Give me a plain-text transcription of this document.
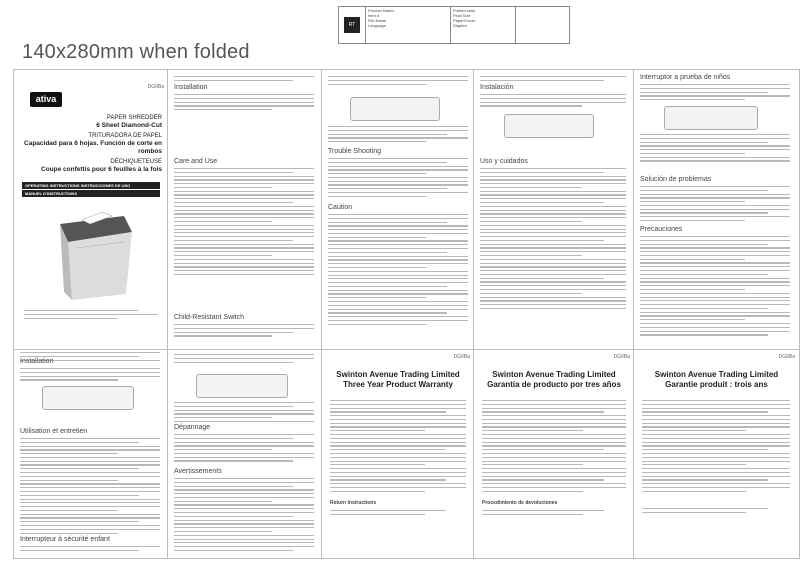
140x280mm when folded
RT
Product Name:
Item #
File Name
Language
Printed color
Final Size
Paper/Cover
Stapled
DG6Ba
ativa
PAPER SHREDDER
6 Sheet Diamond-Cut
TRITURADORA DE PAPEL
Capacidad para 6 hojas. Función de corte en rombos
DÉCHIQUETEUSE
Coupe confettis pour 6 feuilles à la fois
OPERATING INSTRUCTIONS INSTRUCCIONES DE USO
MANUEL D'INSTRUCTIONS
Installation
Care and Use
Child-Resistant Switch
Trouble Shooting
Caution
Instalación
Uso y cuidados
Interruptor a prueba de niños
Solución de problemas
Precauciones
Installation
Utilisation et entretien
Interrupteur à sécurité enfant
Dépannage
Avertissements
DG6Ba
Swinton Avenue Trading Limited
Three Year Product Warranty
Return Instructions
DG6Ba
Swinton Avenue Trading Limited
Garantía de producto por tres años
Procedimiento de devoluciones
DG6Ba
Swinton Avenue Trading Limited
Garantie produit : trois ans
